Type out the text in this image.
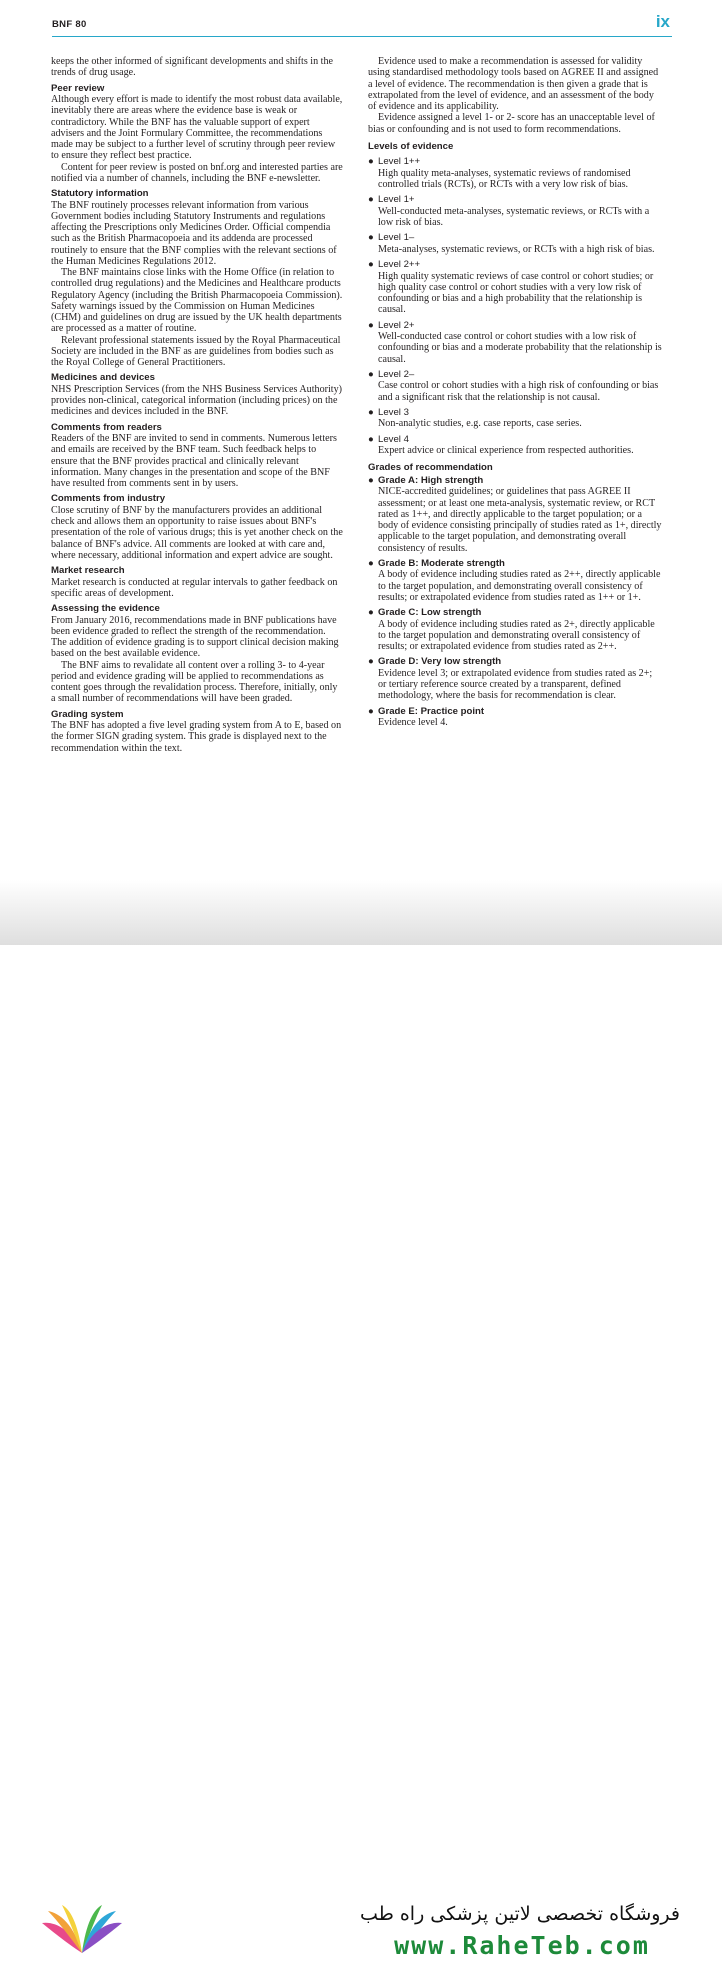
BNF 80	ix

keeps the other informed of significant developments and shifts in the trends of drug usage.

Peer review

Although every effort is made to identify the most robust data available, inevitably there are areas where the evidence base is weak or contradictory. While the BNF has the valuable support of expert advisers and the Joint Formulary Committee, the recommendations made may be subject to a further level of scrutiny through peer review to ensure they reflect best practice.

Content for peer review is posted on bnf.org and interested parties are notified via a number of channels, including the BNF e-newsletter.

Statutory information

The BNF routinely processes relevant information from various Government bodies including Statutory Instruments and regulations affecting the Prescriptions only Medicines Order. Official compendia such as the British Pharmacopoeia and its addenda are processed routinely to ensure that the BNF complies with the relevant sections of the Human Medicines Regulations 2012.

The BNF maintains close links with the Home Office (in relation to controlled drug regulations) and the Medicines and Healthcare products Regulatory Agency (including the British Pharmacopoeia Commission). Safety warnings issued by the Commission on Human Medicines (CHM) and guidelines on drug are issued by the UK health departments are processed as a matter of routine.

Relevant professional statements issued by the Royal Pharmaceutical Society are included in the BNF as are guidelines from bodies such as the Royal College of General Practitioners.

Medicines and devices

NHS Prescription Services (from the NHS Business Services Authority) provides non-clinical, categorical information (including prices) on the medicines and devices included in the BNF.

Comments from readers

Readers of the BNF are invited to send in comments. Numerous letters and emails are received by the BNF team. Such feedback helps to ensure that the BNF provides practical and clinically relevant information. Many changes in the presentation and scope of the BNF have resulted from comments sent in by users.

Comments from industry

Close scrutiny of BNF by the manufacturers provides an additional check and allows them an opportunity to raise issues about BNF's presentation of the role of various drugs; this is yet another check on the balance of BNF's advice. All comments are looked at with care and, where necessary, additional information and expert advice are sought.

Market research

Market research is conducted at regular intervals to gather feedback on specific areas of development.

Assessing the evidence

From January 2016, recommendations made in BNF publications have been evidence graded to reflect the strength of the recommendation. The addition of evidence grading is to support clinical decision making based on the best available evidence.

The BNF aims to revalidate all content over a rolling 3- to 4-year period and evidence grading will be applied to recommendations as content goes through the revalidation process. Therefore, initially, only a small number of recommendations will have been graded.

Grading system

The BNF has adopted a five level grading system from A to E, based on the former SIGN grading system. This grade is displayed next to the recommendation within the text.

Evidence used to make a recommendation is assessed for validity using standardised methodology tools based on AGREE II and assigned a level of evidence. The recommendation is then given a grade that is extrapolated from the level of evidence, and an assessment of the body of evidence and its applicability.

Evidence assigned a level 1- or 2- score has an unacceptable level of bias or confounding and is not used to form recommendations.

Levels of evidence
● Level 1++
High quality meta-analyses, systematic reviews of randomised controlled trials (RCTs), or RCTs with a very low risk of bias.
● Level 1+
Well-conducted meta-analyses, systematic reviews, or RCTs with a low risk of bias.
● Level 1–
Meta-analyses, systematic reviews, or RCTs with a high risk of bias.
● Level 2++
High quality systematic reviews of case control or cohort studies; or high quality case control or cohort studies with a very low risk of confounding or bias and a high probability that the relationship is causal.
● Level 2+
Well-conducted case control or cohort studies with a low risk of confounding or bias and a moderate probability that the relationship is causal.
● Level 2–
Case control or cohort studies with a high risk of confounding or bias and a significant risk that the relationship is not causal.
● Level 3
Non-analytic studies, e.g. case reports, case series.
● Level 4
Expert advice or clinical experience from respected authorities.
Grades of recommendation
● Grade A: High strength
NICE-accredited guidelines; or guidelines that pass AGREE II assessment; or at least one meta-analysis, systematic review, or RCT rated as 1++, and directly applicable to the target population; or a body of evidence consisting principally of studies rated as 1+, directly applicable to the target population, and demonstrating overall consistency of results.
● Grade B: Moderate strength
A body of evidence including studies rated as 2++, directly applicable to the target population, and demonstrating overall consistency of results; or extrapolated evidence from studies rated as 1++ or 1+.
● Grade C: Low strength
A body of evidence including studies rated as 2+, directly applicable to the target population and demonstrating overall consistency of results; or extrapolated evidence from studies rated as 2++.
● Grade D: Very low strength
Evidence level 3; or extrapolated evidence from studies rated as 2+; or tertiary reference source created by a transparent, defined methodology, where the basis for recommendation is clear.
● Grade E: Practice point
Evidence level 4.
فروشگاه تخصصی لاتین پزشکی راه طب
www.RaheTeb.com
